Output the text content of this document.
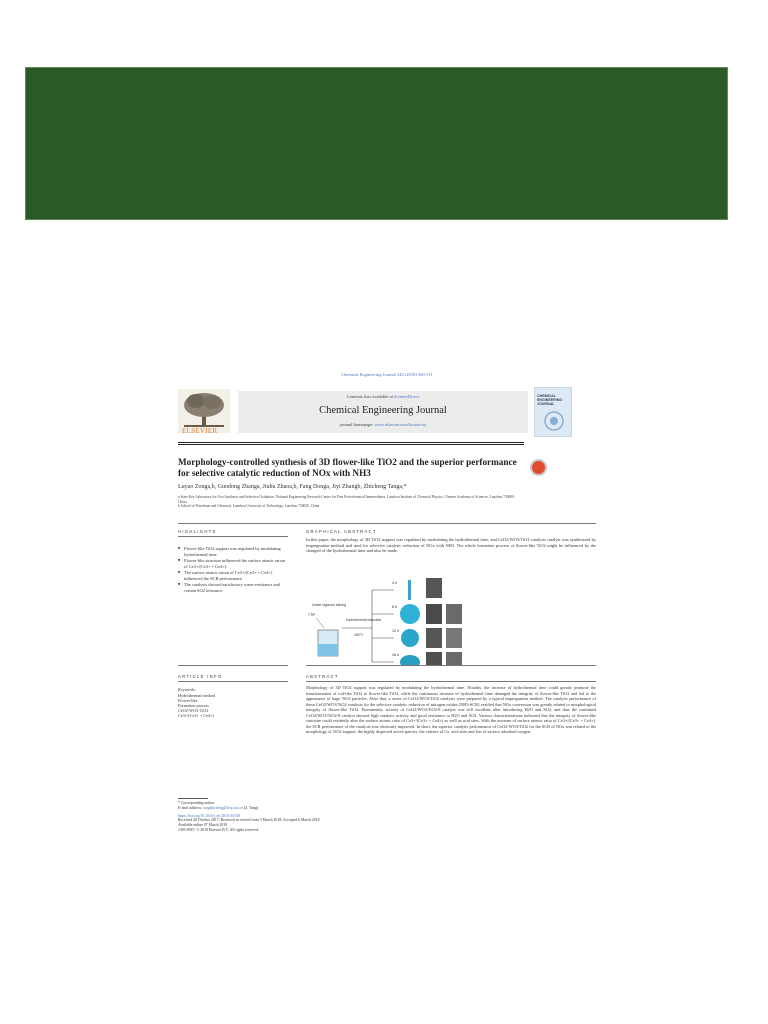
Chemical Engineering Journal 343 (2018) 500-511
ELSEVIER
Contents lists available at ScienceDirect
Chemical Engineering Journal
journal homepage: www.elsevier.com/locate/cej
CHEMICAL ENGINEERING JOURNAL
Morphology-controlled synthesis of 3D flower-like TiO2 and the superior performance for selective catalytic reduction of NOx with NH3
Luyao Zonga,b, Guodong Zhanga, Jiuhu Zhaoa,b, Fang Donga, Jiyi Zhangb, Zhicheng Tanga,*
a State Key Laboratory for Oxo Synthesis and Selective Oxidation, National Engineering Research Center for Fine Petrochemical Intermediates, Lanzhou Institute of Chemical Physics, Chinese Academy of Sciences, Lanzhou 730000, China
b School of Petroleum and Chemical, Lanzhou University of Technology, Lanzhou 730050, China
HIGHLIGHTS
■ Flower-like TiO2 support was regulated by modulating hydrothermal time.
■ Flower-like structure influenced the surface atomic ration of Ce3+/(Ce3+ + Ce4+).
■ The surface atomic ration of Ce3+/(Ce3+ + Ce4+) influenced the SCR performance.
■ The catalysts showed satisfactory water-resistance and certain SO2 tolerance.
GRAPHICAL ABSTRACT
In this paper, the morphology of 3D TiO2 support was regulated by modulating the hydrothermal time, and CeO2/WO3/TiO2 catalysts catalyst was synthesized by impregnation method and used for selective catalytic reduction of NOx with NH3. The whole formation process of flower-like TiO2 might be influenced by the changed of the hydrothermal time and also be made.
Under vigorous stirring
TTIP
Hydrothermal reduction
180°C
4 h
8 h
12 h
16 h
ARTICLE INFO
Keywords:
Hydrothermal method
Flower-like
Formation process
CeO2-WO3-TiO2
Ce3+/(Ce3+ + Ce4+)
ABSTRACT
Morphology of 3D TiO2 support was regulated by modulating the hydrothermal time. Notably, the increase of hydrothermal time could greatly promote the transformation of rod-like TiO2 to flower-like TiO2, while the continuous increase of hydrothermal time damaged the integrity of flower-like TiO2 and led to the appearance of large TiO2 particles. After that, a series of CeO2/WO3/TiO2 catalysts were prepared by a typical impregnation method. The catalytic performance of these CeO2/WO3/TiO2 catalysts for the selective catalytic reduction of nitrogen oxides (NH3-SCR) verified that NOx conversion was greatly related to morphological integrity of flower-like TiO2. Prominently, activity of CeO2/WO3/TiO2-8 catalyst was still excellent after introducing H2O and SO2, and thus the combined CeO2/WO3/TiO2-8 catalyst showed high catalytic activity and good resistance to H2O and SO2. Various characterizations indicated that the integrity of flower-like structure could evidently alter the surface atomic ratio of Ce3+/(Ce3+ + Ce4+) as well as acid sites. With the increase of surface atomic ratio of Ce3+/(Ce3+ + Ce4+), the SCR performance of the catalysts was obviously improved. In short, the superior catalytic performance of CeO2-WO3/TiO2 for the SCR of NOx was related to the morphology of TiO2 support, the highly dispersed active species, the valence of Ce, acid sites and lots of surface adsorbed oxygen.
* Corresponding author.
E-mail address: tangzhicheng@licp.cas.cn (Z. Tang).
https://doi.org/10.1016/j.cej.2018.03.039
Received 20 October 2017; Received in revised form 5 March 2018; Accepted 6 March 2018
Available online 07 March 2018
1385-8947/ © 2018 Elsevier B.V. All rights reserved.
